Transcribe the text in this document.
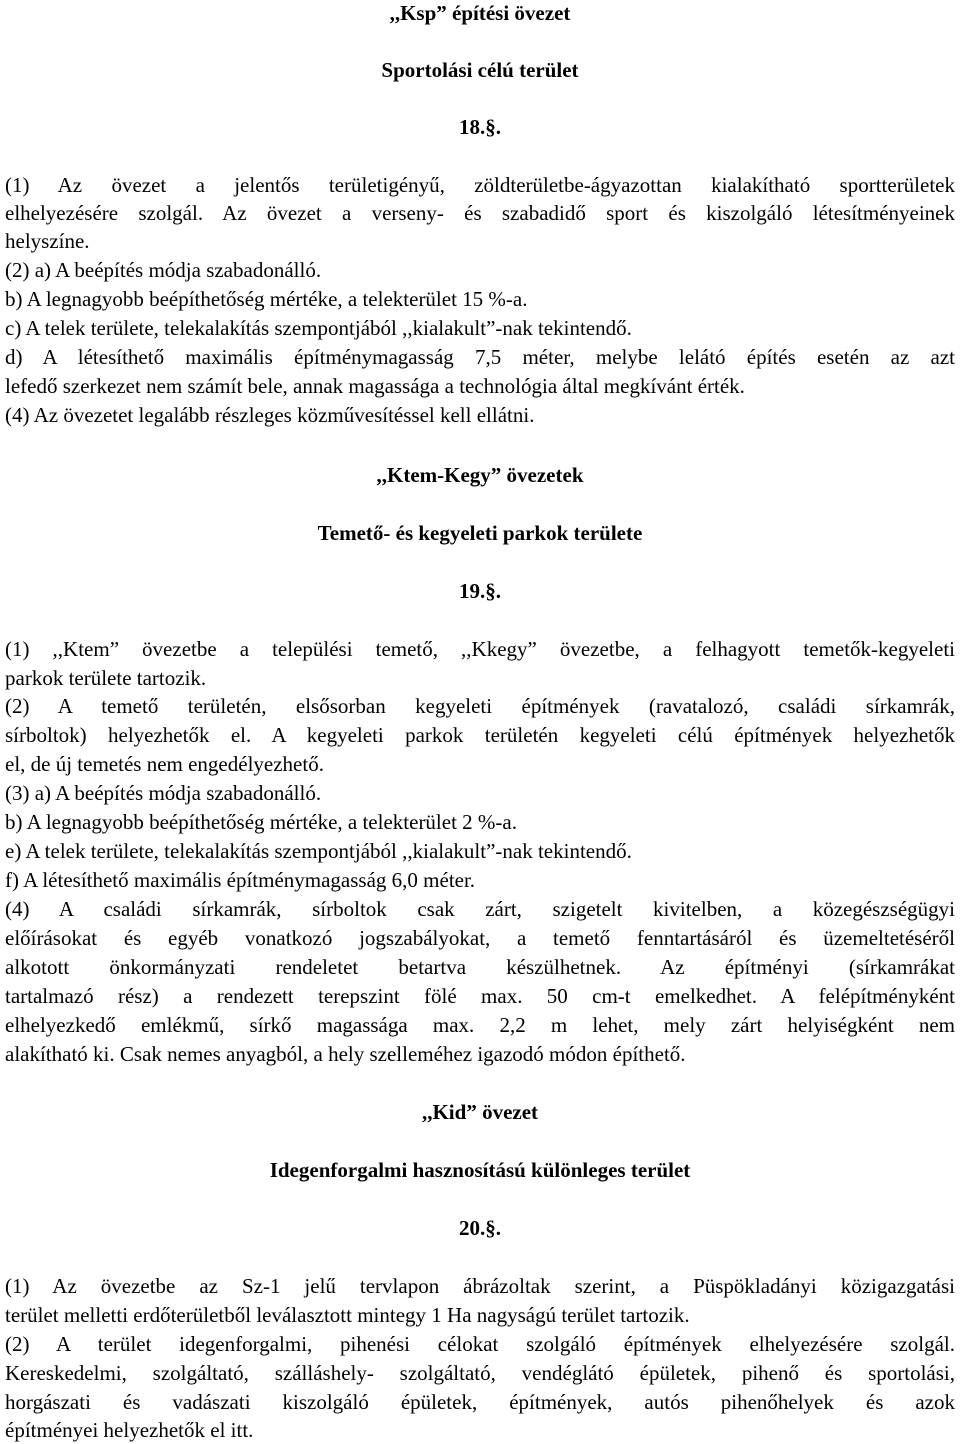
,,Ksp” építési övezet
Sportolási célú terület
18.§.
(1) Az övezet a jelentős területigényű, zöldterületbe-ágyazottan kialakítható sportterületek
elhelyezésére szolgál. Az övezet a verseny- és szabadidő sport és kiszolgáló létesítményeinek
helyszíne.
(2) a) A beépítés módja szabadonálló.
b) A legnagyobb beépíthetőség mértéke, a telekterület 15 %-a.
c) A telek területe, telekalakítás szempontjából ,,kialakult”-nak tekintendő.
d) A létesíthető maximális építménymagasság 7,5 méter, melybe lelátó építés esetén az azt
lefedő szerkezet nem számít bele, annak magassága a technológia által megkívánt érték.
(4) Az övezetet legalább részleges közművesítéssel kell ellátni.
,,Ktem-Kegy” övezetek
Temető- és kegyeleti parkok területe
19.§.
(1) ,,Ktem” övezetbe a települési temető, ,,Kkegy” övezetbe, a felhagyott temetők-kegyeleti
parkok területe tartozik.
(2) A temető területén, elsősorban kegyeleti építmények (ravatalozó, családi sírkamrák,
sírboltok) helyezhetők el. A kegyeleti parkok területén kegyeleti célú építmények helyezhetők
el, de új temetés nem engedélyezhető.
(3) a) A beépítés módja szabadonálló.
b) A legnagyobb beépíthetőség mértéke, a telekterület 2 %-a.
e) A telek területe, telekalakítás szempontjából ,,kialakult”-nak tekintendő.
f) A létesíthető maximális építménymagasság 6,0 méter.
(4) A családi sírkamrák, sírboltok csak zárt, szigetelt kivitelben, a közegészségügyi
előírásokat és egyéb vonatkozó jogszabályokat, a temető fenntartásáról és üzemeltetéséről
alkotott önkormányzati rendeletet betartva készülhetnek. Az építményi (sírkamrákat
tartalmazó rész) a rendezett terepszint fölé max. 50 cm-t emelkedhet. A felépítményként
elhelyezkedő emlékmű, sírkő magassága max. 2,2 m lehet, mely zárt helyiségként nem
alakítható ki. Csak nemes anyagból, a hely szelleméhez igazodó módon építhető.
,,Kid” övezet
Idegenforgalmi hasznosítású különleges terület
20.§.
(1) Az övezetbe az Sz-1 jelű tervlapon ábrázoltak szerint, a Püspökladányi közigazgatási
terület melletti erdőterületből leválasztott mintegy 1 Ha nagyságú terület tartozik.
(2) A terület idegenforgalmi, pihenési célokat szolgáló építmények elhelyezésére szolgál.
Kereskedelmi, szolgáltató, szálláshely- szolgáltató, vendéglátó épületek, pihenő és sportolási,
horgászati és vadászati kiszolgáló épületek, építmények, autós pihenőhelyek és azok
építményei helyezhetők el itt.
